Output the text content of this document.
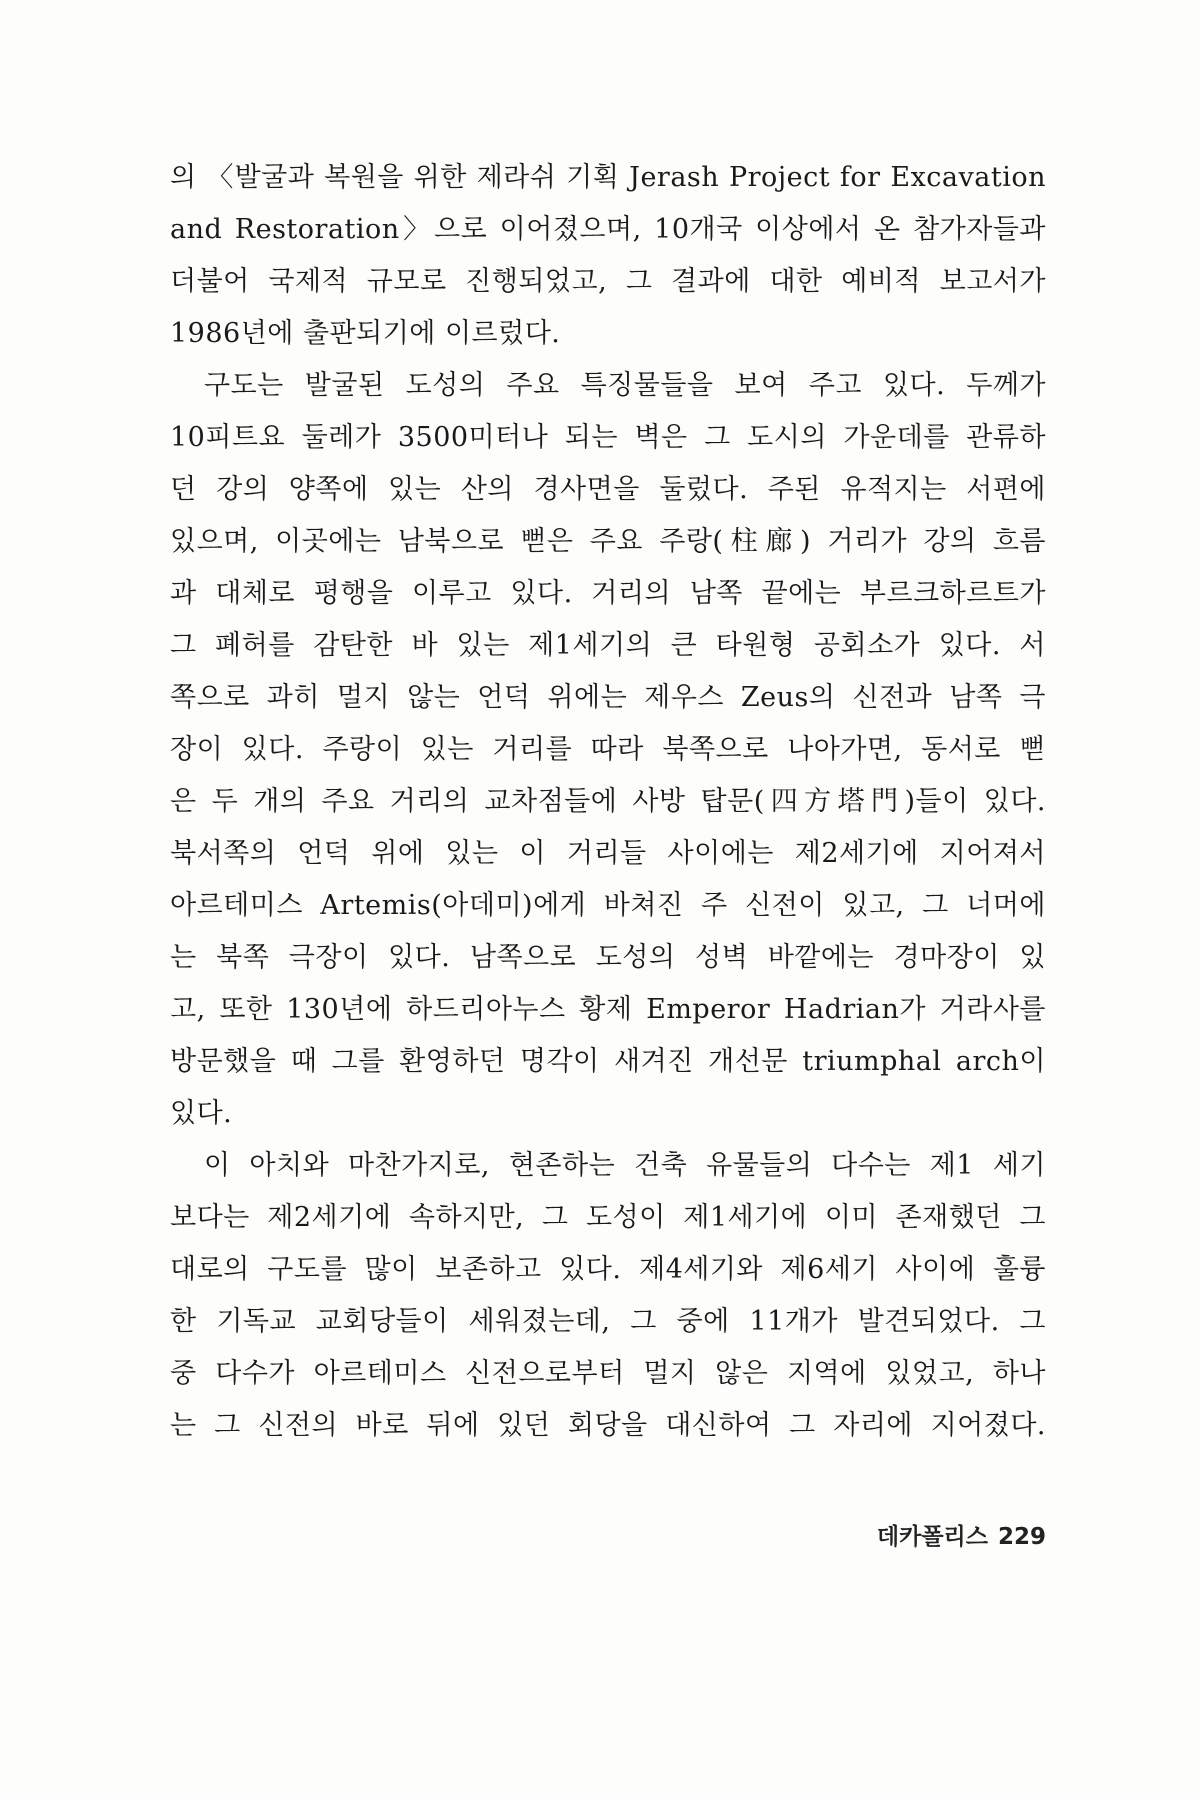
의 〈발굴과 복원을 위한 제라쉬 기획 Jerash Project for Excavation
and Restoration〉으로 이어졌으며, 10개국 이상에서 온 참가자들과
더불어 국제적 규모로 진행되었고, 그 결과에 대한 예비적 보고서가
1986년에 출판되기에 이르렀다.

구도는 발굴된 도성의 주요 특징물들을 보여 주고 있다. 두께가
10피트요 둘레가 3500미터나 되는 벽은 그 도시의 가운데를 관류하
던 강의 양쪽에 있는 산의 경사면을 둘렀다. 주된 유적지는 서편에
있으며, 이곳에는 남북으로 뻗은 주요 주랑(柱廊) 거리가 강의 흐름
과 대체로 평행을 이루고 있다. 거리의 남쪽 끝에는 부르크하르트가
그 폐허를 감탄한 바 있는 제1세기의 큰 타원형 공회소가 있다. 서
쪽으로 과히 멀지 않는 언덕 위에는 제우스 Zeus의 신전과 남쪽 극
장이 있다. 주랑이 있는 거리를 따라 북쪽으로 나아가면, 동서로 뻗
은 두 개의 주요 거리의 교차점들에 사방 탑문(四方塔門)들이 있다.
북서쪽의 언덕 위에 있는 이 거리들 사이에는 제2세기에 지어져서
아르테미스 Artemis(아데미)에게 바쳐진 주 신전이 있고, 그 너머에
는 북쪽 극장이 있다. 남쪽으로 도성의 성벽 바깥에는 경마장이 있
고, 또한 130년에 하드리아누스 황제 Emperor Hadrian가 거라사를
방문했을 때 그를 환영하던 명각이 새겨진 개선문 triumphal arch이
있다.

이 아치와 마찬가지로, 현존하는 건축 유물들의 다수는 제1 세기
보다는 제2세기에 속하지만, 그 도성이 제1세기에 이미 존재했던 그
대로의 구도를 많이 보존하고 있다. 제4세기와 제6세기 사이에 훌륭
한 기독교 교회당들이 세워졌는데, 그 중에 11개가 발견되었다. 그
중 다수가 아르테미스 신전으로부터 멀지 않은 지역에 있었고, 하나
는 그 신전의 바로 뒤에 있던 회당을 대신하여 그 자리에 지어졌다.

데카폴리스 229
